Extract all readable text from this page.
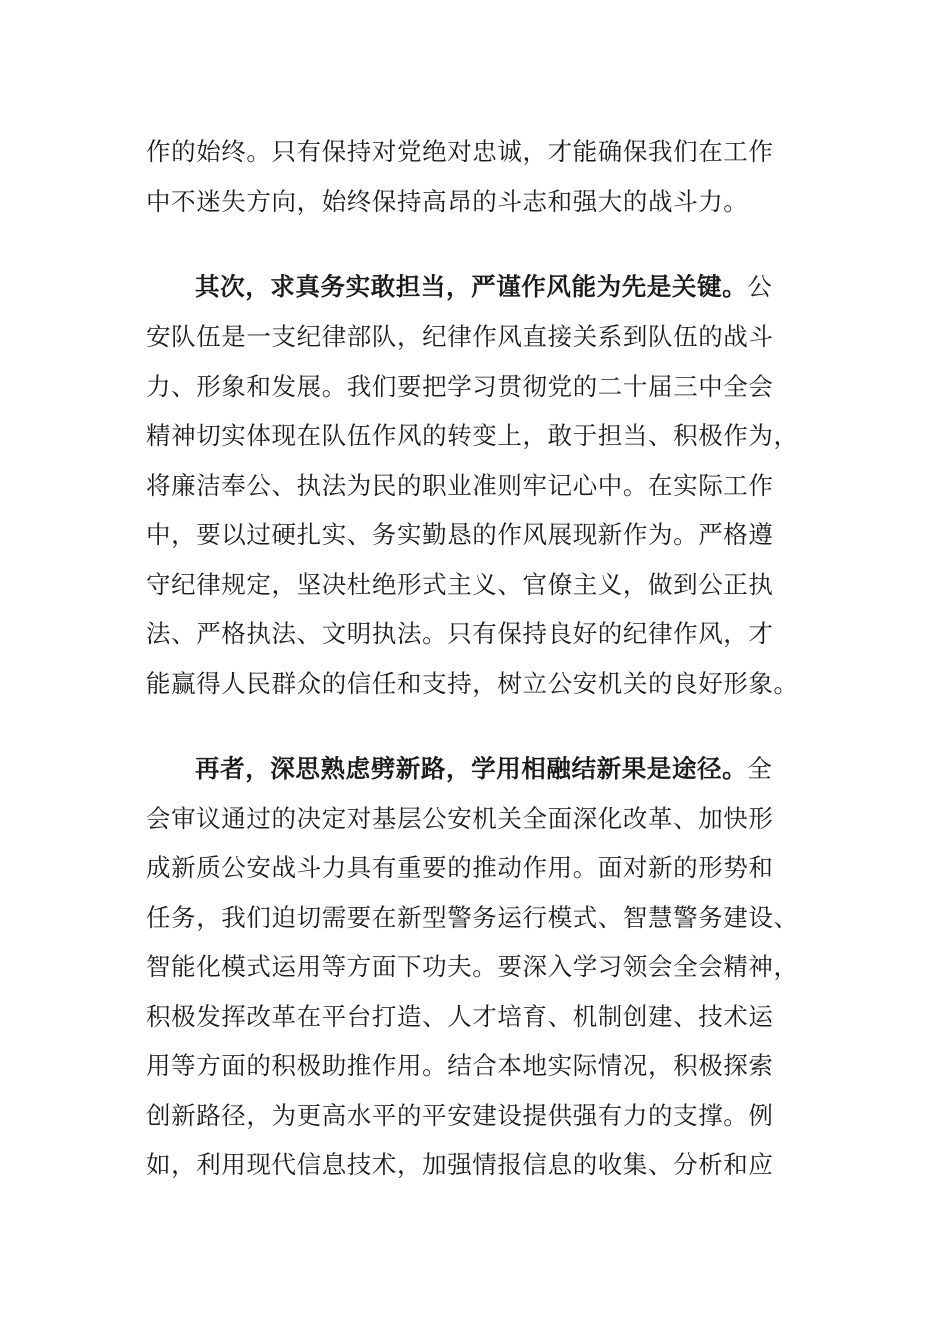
作的始终。只有保持对党绝对忠诚，才能确保我们在工作
中不迷失方向，始终保持高昂的斗志和强大的战斗力。
其次，求真务实敢担当，严谨作风能为先是关键。公
安队伍是一支纪律部队，纪律作风直接关系到队伍的战斗
力、形象和发展。我们要把学习贯彻党的二十届三中全会
精神切实体现在队伍作风的转变上，敢于担当、积极作为，
将廉洁奉公、执法为民的职业准则牢记心中。在实际工作
中，要以过硬扎实、务实勤恳的作风展现新作为。严格遵
守纪律规定，坚决杜绝形式主义、官僚主义，做到公正执
法、严格执法、文明执法。只有保持良好的纪律作风，才
能赢得人民群众的信任和支持，树立公安机关的良好形象。
再者，深思熟虑劈新路，学用相融结新果是途径。全
会审议通过的决定对基层公安机关全面深化改革、加快形
成新质公安战斗力具有重要的推动作用。面对新的形势和
任务，我们迫切需要在新型警务运行模式、智慧警务建设、
智能化模式运用等方面下功夫。要深入学习领会全会精神，
积极发挥改革在平台打造、人才培育、机制创建、技术运
用等方面的积极助推作用。结合本地实际情况，积极探索
创新路径，为更高水平的平安建设提供强有力的支撑。例
如，利用现代信息技术，加强情报信息的收集、分析和应
